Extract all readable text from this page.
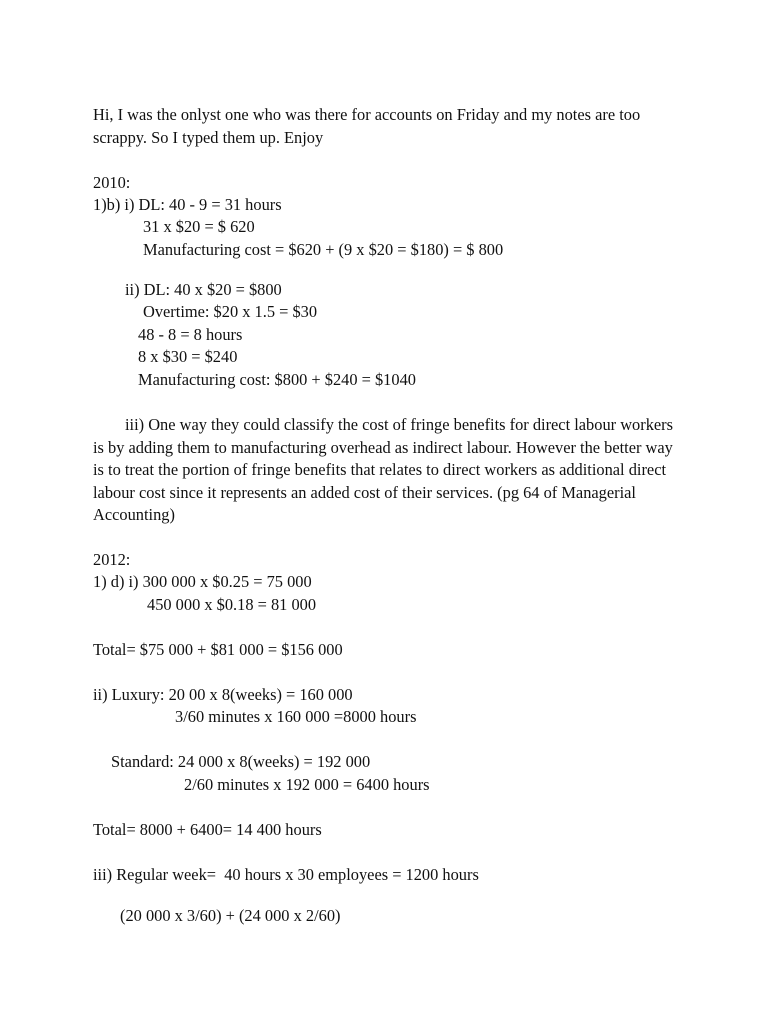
Hi, I was the onlyst one who was there for accounts on Friday and my notes are too scrappy. So I typed them up. Enjoy

2010:

1)b) i) DL: 40 - 9 = 31 hours

31 x $20 = $ 620

Manufacturing cost = $620 + (9 x $20 = $180) = $ 800

ii) DL: 40 x $20 = $800

Overtime: $20 x 1.5 = $30

48 - 8 = 8 hours

8 x $30 = $240

Manufacturing cost: $800 + $240 = $1040

iii) One way they could classify the cost of fringe benefits for direct labour workers is by adding them to manufacturing overhead as indirect labour. However the better way is to treat the portion of fringe benefits that relates to direct workers as additional direct labour cost since it represents an added cost of their services. (pg 64 of Managerial Accounting)

2012:

1) d) i) 300 000 x $0.25 = 75 000

450 000 x $0.18 = 81 000

Total= $75 000 + $81 000 = $156 000

ii) Luxury: 20 00 x 8(weeks) = 160 000

3/60 minutes x 160 000 =8000 hours

Standard: 24 000 x 8(weeks) = 192 000

2/60 minutes x 192 000 = 6400 hours

Total= 8000 + 6400= 14 400 hours

iii) Regular week=  40 hours x 30 employees = 1200 hours

(20 000 x 3/60) + (24 000 x 2/60)
